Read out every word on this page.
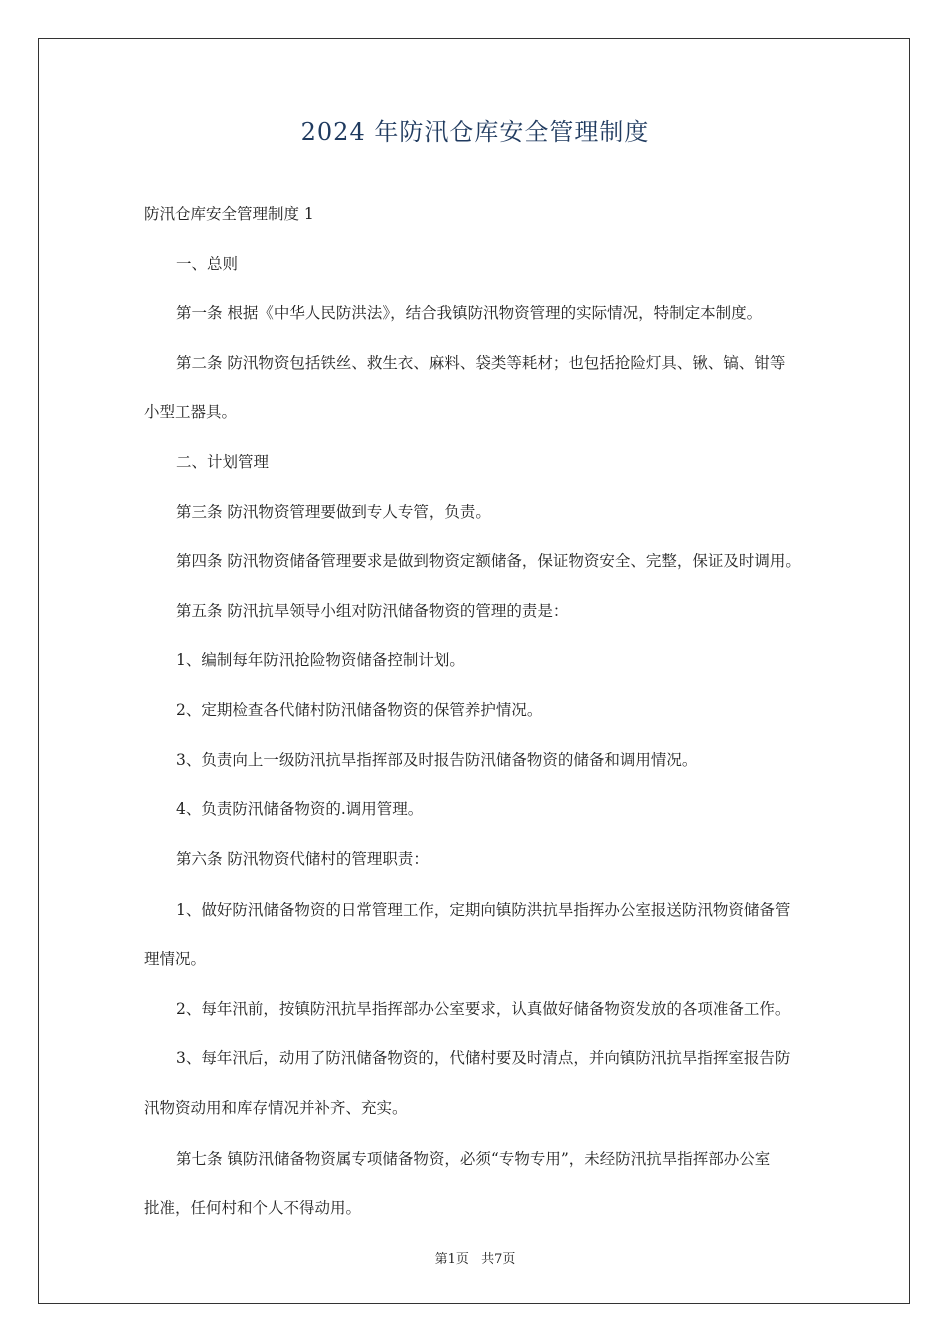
2024 年防汛仓库安全管理制度

防汛仓库安全管理制度 1

一、总则

第一条 根据《中华人民防洪法》，结合我镇防汛物资管理的实际情况，特制定本制度。

第二条 防汛物资包括铁丝、救生衣、麻料、袋类等耗材；也包括抢险灯具、锹、镐、钳等

小型工器具。

二、计划管理

第三条 防汛物资管理要做到专人专管，负责。

第四条 防汛物资储备管理要求是做到物资定额储备，保证物资安全、完整，保证及时调用。

第五条 防汛抗旱领导小组对防汛储备物资的管理的责是：

1、编制每年防汛抢险物资储备控制计划。

2、定期检查各代储村防汛储备物资的保管养护情况。

3、负责向上一级防汛抗旱指挥部及时报告防汛储备物资的储备和调用情况。

4、负责防汛储备物资的.调用管理。

第六条 防汛物资代储村的管理职责：

1、做好防汛储备物资的日常管理工作，定期向镇防洪抗旱指挥办公室报送防汛物资储备管

理情况。

2、每年汛前，按镇防汛抗旱指挥部办公室要求，认真做好储备物资发放的各项准备工作。

3、每年汛后，动用了防汛储备物资的，代储村要及时清点，并向镇防汛抗旱指挥室报告防

汛物资动用和库存情况并补齐、充实。

第七条 镇防汛储备物资属专项储备物资，必须“专物专用”，未经防汛抗旱指挥部办公室

批准，任何村和个人不得动用。

第1页 共7页
